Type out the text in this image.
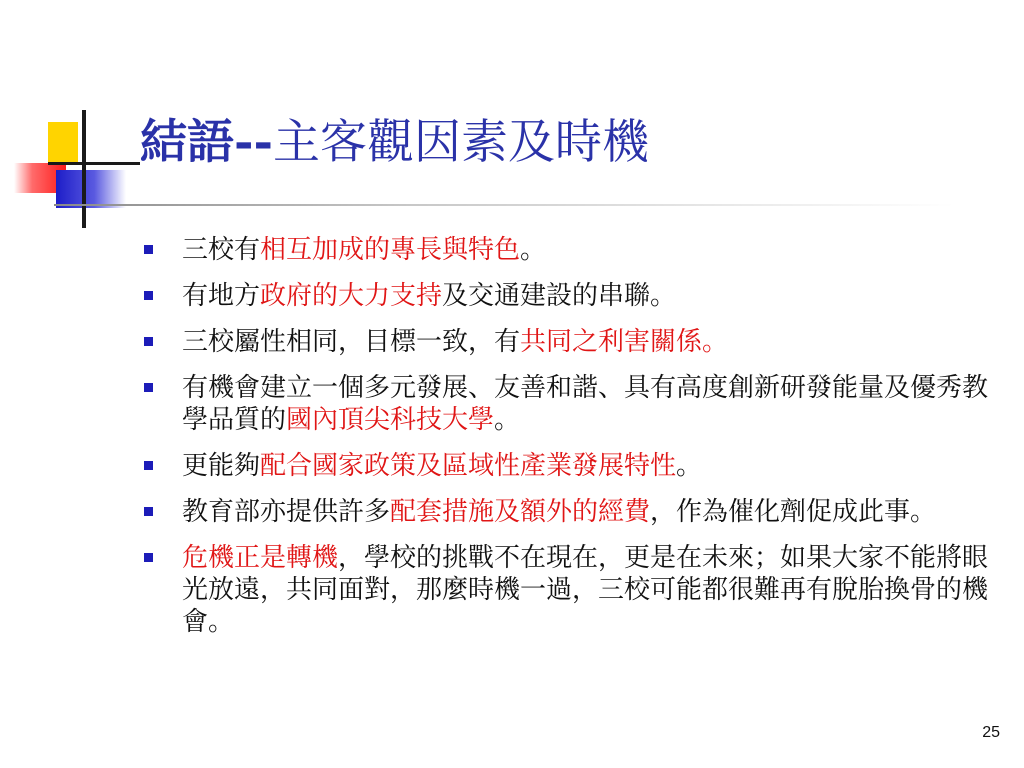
結語--主客觀因素及時機
三校有相互加成的專長與特色。
有地方政府的大力支持及交通建設的串聯。
三校屬性相同，目標一致，有共同之利害關係。
有機會建立一個多元發展、友善和諧、具有高度創新研發能量及優秀教學品質的國內頂尖科技大學。
更能夠配合國家政策及區域性產業發展特性。
教育部亦提供許多配套措施及額外的經費，作為催化劑促成此事。
危機正是轉機，學校的挑戰不在現在，更是在未來；如果大家不能將眼光放遠，共同面對，那麼時機一過，三校可能都很難再有脫胎換骨的機會。
25
